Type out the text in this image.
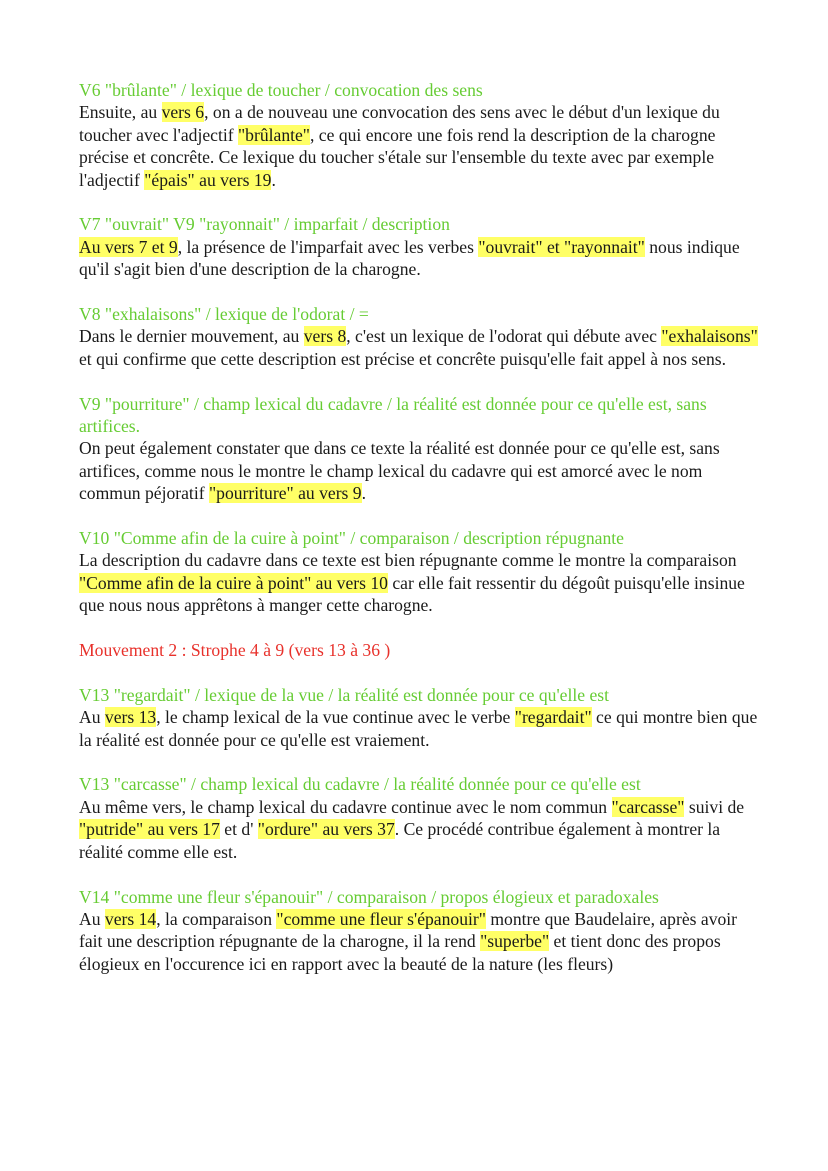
V6 "brûlante" / lexique de toucher / convocation des sens
Ensuite, au vers 6, on a de nouveau une convocation des sens avec le début d'un lexique du toucher avec l'adjectif "brûlante", ce qui encore une fois rend la description de la charogne précise et concrête. Ce lexique du toucher s'étale sur l'ensemble du texte avec par exemple l'adjectif "épais" au vers 19.
V7 "ouvrait" V9 "rayonnait" / imparfait / description
Au vers 7 et 9, la présence de l'imparfait avec les verbes "ouvrait" et "rayonnait" nous indique qu'il s'agit bien d'une description de la charogne.
V8 "exhalaisons" / lexique de l'odorat / =
Dans le dernier mouvement, au vers 8, c'est un lexique de l'odorat qui débute avec "exhalaisons" et qui confirme que cette description est précise et concrête puisqu'elle fait appel à nos sens.
V9 "pourriture" / champ lexical du cadavre / la réalité est donnée pour ce qu'elle est, sans artifices.
On peut également constater que dans ce texte la réalité est donnée pour ce qu'elle est, sans artifices, comme nous le montre le champ lexical du cadavre qui est amorcé avec le nom commun péjoratif "pourriture" au vers 9.
V10 "Comme afin de la cuire à point" / comparaison / description répugnante
La description du cadavre dans ce texte est bien répugnante comme le montre la comparaison "Comme afin de la cuire à point" au vers 10 car elle fait ressentir du dégoût puisqu'elle insinue que nous nous apprêtons à manger cette charogne.
Mouvement 2 : Strophe 4 à 9 (vers 13 à 36 )
V13 "regardait" / lexique de la vue / la réalité est donnée pour ce qu'elle est
Au vers 13, le champ lexical de la vue continue avec le verbe "regardait" ce qui montre bien que la réalité est donnée pour ce qu'elle est vraiement.
V13 "carcasse" / champ lexical du cadavre / la réalité donnée pour ce qu'elle est
Au même vers, le champ lexical du cadavre continue avec le nom commun "carcasse" suivi de "putride" au vers 17 et d' "ordure" au vers 37. Ce procédé contribue également à montrer la réalité comme elle est.
V14 "comme une fleur s'épanouir" / comparaison / propos élogieux et paradoxales
Au vers 14, la comparaison "comme une fleur s'épanouir" montre que Baudelaire, après avoir fait une description répugnante de la charogne, il la rend "superbe" et tient donc des propos élogieux en l'occurence ici en rapport avec la beauté de la nature (les fleurs)
